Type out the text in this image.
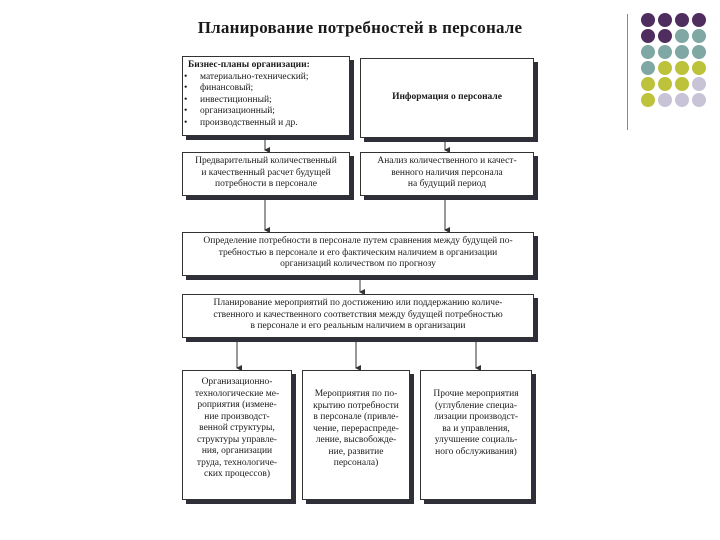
Планирование потребностей в персонале
Бизнес-планы организации:
• материально-технический;
• финансовый;
• инвестиционный;
• организационный;
• производственный и др.
Информация о персонале
Предварительный количественный
и качественный расчет будущей
потребности в персонале
Анализ количественного и качест-
венного наличия персонала
на будущий период
Определение потребности в персонале путем сравнения между будущей по-
требностью в персонале и его фактическим наличием в организации
организаций количеством по прогнозу
Планирование мероприятий по достижению или поддержанию количе-
ственного и качественного соответствия между будущей потребностью
в персонале и его реальным наличием в организации
Организационно-
технологические ме-
роприятия (измене-
ние производст-
венной структуры,
структуры управле-
ния, организации
труда, технологиче-
ских процессов)
Мероприятия по по-
крытию потребности
в персонале (привле-
чение, перераспреде-
ление, высвобожде-
ние, развитие
персонала)
Прочие мероприятия
(углубление специа-
лизации производст-
ва и управления,
улучшение социаль-
ного обслуживания)
